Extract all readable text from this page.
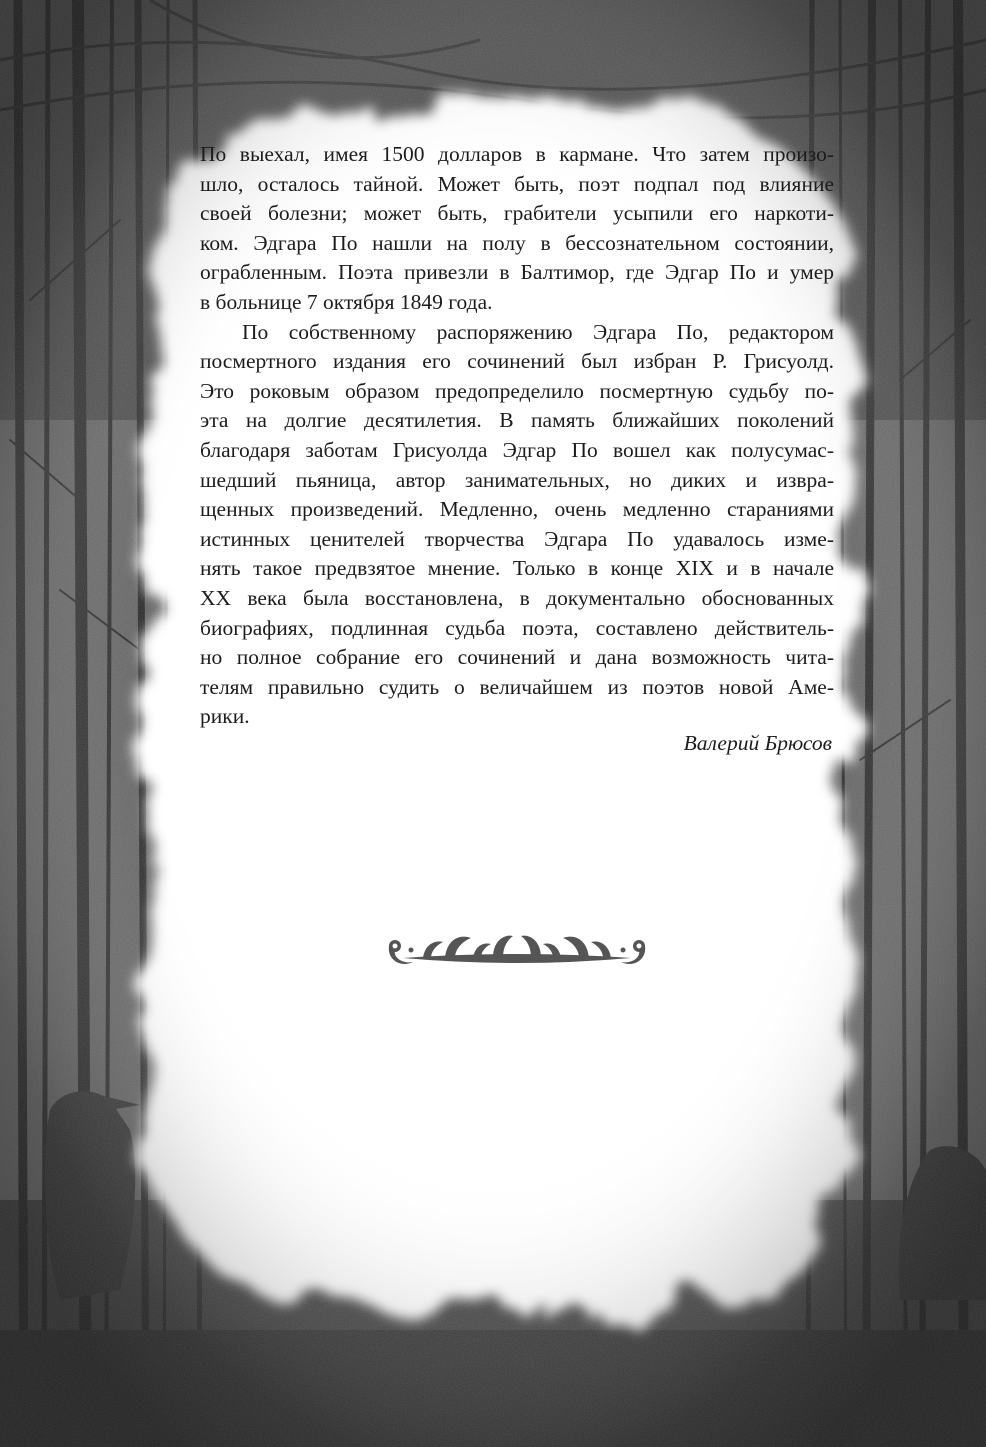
По выехал, имея 1500 долларов в кармане. Что затем произо-
шло, осталось тайной. Может быть, поэт подпал под влияние
своей болезни; может быть, грабители усыпили его наркоти-
ком. Эдгара По нашли на полу в бессознательном состоянии,
ограбленным. Поэта привезли в Балтимор, где Эдгар По и умер
в больнице 7 октября 1849 года.
По собственному распоряжению Эдгара По, редактором
посмертного издания его сочинений был избран Р. Грисуолд.
Это роковым образом предопределило посмертную судьбу по-
эта на долгие десятилетия. В память ближайших поколений
благодаря заботам Грисуолда Эдгар По вошел как полусумас-
шедший пьяница, автор занимательных, но диких и извра-
щенных произведений. Медленно, очень медленно стараниями
истинных ценителей творчества Эдгара По удавалось изме-
нять такое предвзятое мнение. Только в конце XIX и в начале
XX века была восстановлена, в документально обоснованных
биографиях, подлинная судьба поэта, составлено действитель-
но полное собрание его сочинений и дана возможность чита-
телям правильно судить о величайшем из поэтов новой Аме-
рики.
Валерий Брюсов
